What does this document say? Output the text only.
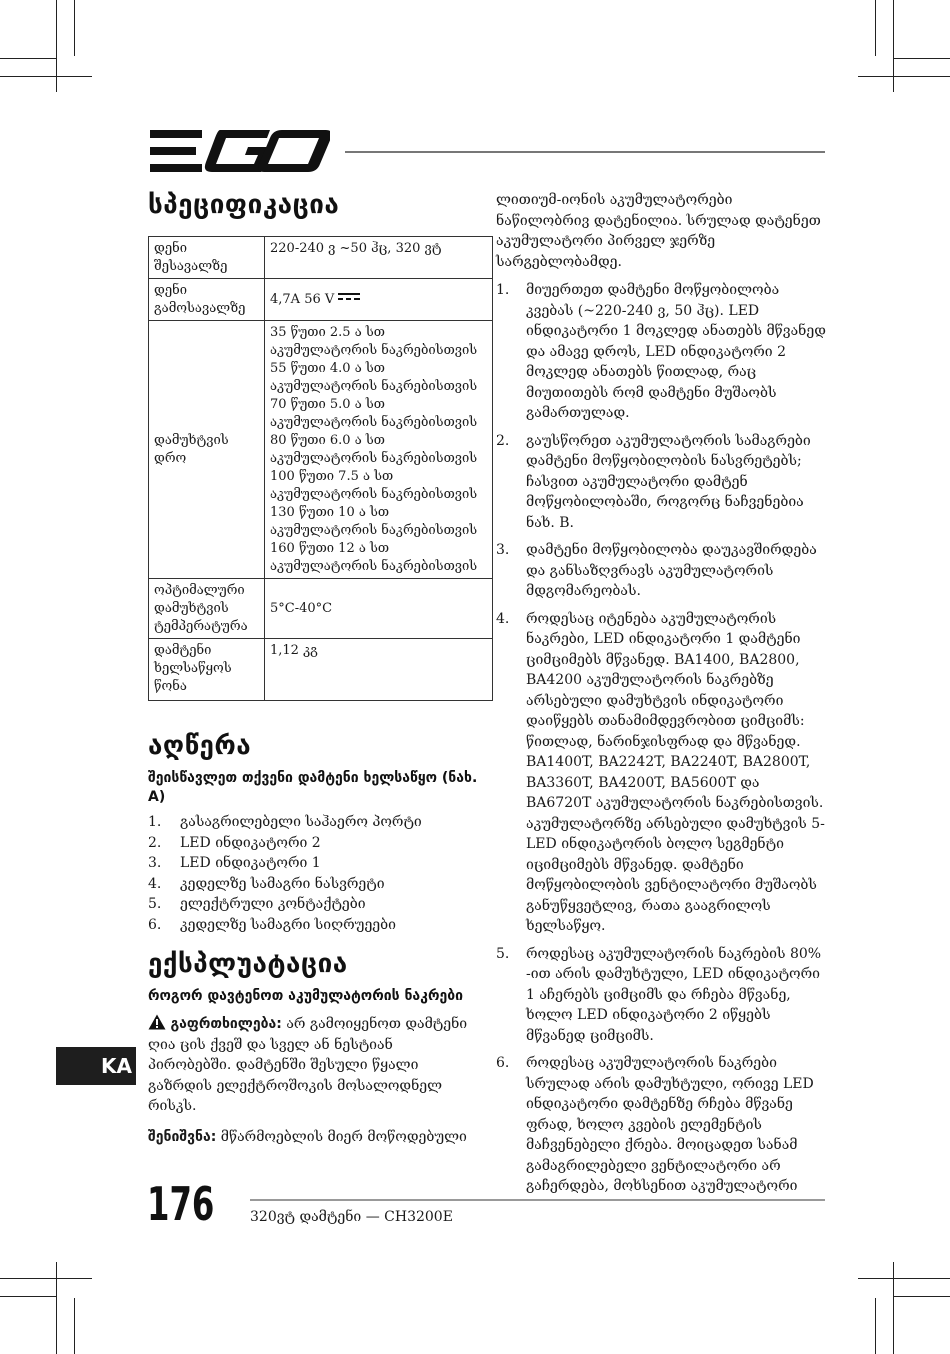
სპეციფიკაცია
დენი შესავალზე	220-240 ვ ~50 ჰც, 320 ვტ
დენი გამოსავალზე	4,7A 56 V
დამუხტვის დრო	35 წუთი 2.5 ა სთ აკუმულატორის ნაკრებისთვის 55 წუთი 4.0 ა სთ აკუმულატორის ნაკრებისთვის 70 წუთი 5.0 ა სთ აკუმულატორის ნაკრებისთვის 80 წუთი 6.0 ა სთ აკუმულატორის ნაკრებისთვის 100 წუთი 7.5 ა სთ აკუმულატორის ნაკრებისთვის 130 წუთი 10 ა სთ აკუმულატორის ნაკრებისთვის 160 წუთი 12 ა სთ აკუმულატორის ნაკრებისთვის
ოპტიმალური დამუხტვის ტემპერატურა	5°C-40°C
დამტენი ხელსაწყოს წონა	1,12 კგ
აღწერა
შეისწავლეთ თქვენი დამტენი ხელსაწყო (ნახ. A)
1. გასაგრილებელი საჰაერო პორტი
2. LED ინდიკატორი 2
3. LED ინდიკატორი 1
4. კედელზე სამაგრი ნასვრეტი
5. ელექტრული კონტაქტები
6. კედელზე სამაგრი სიღრუეები
ექსპლუატაცია
როგორ დავტენოთ აკუმულატორის ნაკრები

გაფრთხილება: არ გამოიყენოთ დამტენი ღია ცის ქვეშ და სველ ან ნესტიან პირობებში. დამტენში შესული წყალი გაზრდის ელექტროშოკის მოსალოდნელ რისკს.

შენიშვნა: მწარმოებლის მიერ მოწოდებული

ლითიუმ-იონის აკუმულატორები ნაწილობრივ დატენილია. სრულად დატენეთ აკუმულატორი პირველ ჯერზე სარგებლობამდე.

1. მიუერთეთ დამტენი მოწყობილობა კვებას (~220-240 ვ, 50 ჰც). LED ინდიკატორი 1 მოკლედ ანათებს მწვანედ და ამავე დროს, LED ინდიკატორი 2 მოკლედ ანათებს წითლად, რაც მიუთითებს რომ დამტენი მუშაობს გამართულად.
2. გაუსწორეთ აკუმულატორის სამაგრები დამტენი მოწყობილობის ნასვრეტებს; ჩასვით აკუმულატორი დამტენ მოწყობილობაში, როგორც ნაჩვენებია ნახ. B.
3. დამტენი მოწყობილობა დაუკავშირდება და განსაზღვრავს აკუმულატორის მდგომარეობას.
4. როდესაც იტენება აკუმულატორის ნაკრები, LED ინდიკატორი 1 დამტენი ციმციმებს მწვანედ. BA1400, BA2800, BA4200 აკუმულატორის ნაკრებზე არსებული დამუხტვის ინდიკატორი დაიწყებს თანამიმდევრობით ციმციმს: წითლად, ნარინჯისფრად და მწვანედ. BA1400T, BA2242T, BA2240T, BA2800T, BA3360T, BA4200T, BA5600T და BA6720T აკუმულატორის ნაკრებისთვის. აკუმულატორზე არსებული დამუხტვის 5-LED ინდიკატორის ბოლო სეგმენტი იციმციმებს მწვანედ. დამტენი მოწყობილობის ვენტილატორი მუშაობს განუწყვეტლივ, რათა გააგრილოს ხელსაწყო.
5. როდესაც აკუმულატორის ნაკრების 80% -ით არის დამუხტული, LED ინდიკატორი 1 აჩერებს ციმციმს და რჩება მწვანე, ხოლო LED ინდიკატორი 2 იწყებს მწვანედ ციმციმს.
6. როდესაც აკუმულატორის ნაკრები სრულად არის დამუხტული, ორივე LED ინდიკატორი დამტენზე რჩება მწვანე ფრად, ხოლო კვების ელემენტის მაჩვენებელი ქრება. მოიცადეთ სანამ გამაგრილებელი ვენტილატორი არ გაჩერდება, მოხსენით აკუმულატორი
KA
176	320ვტ დამტენი — CH3200E
